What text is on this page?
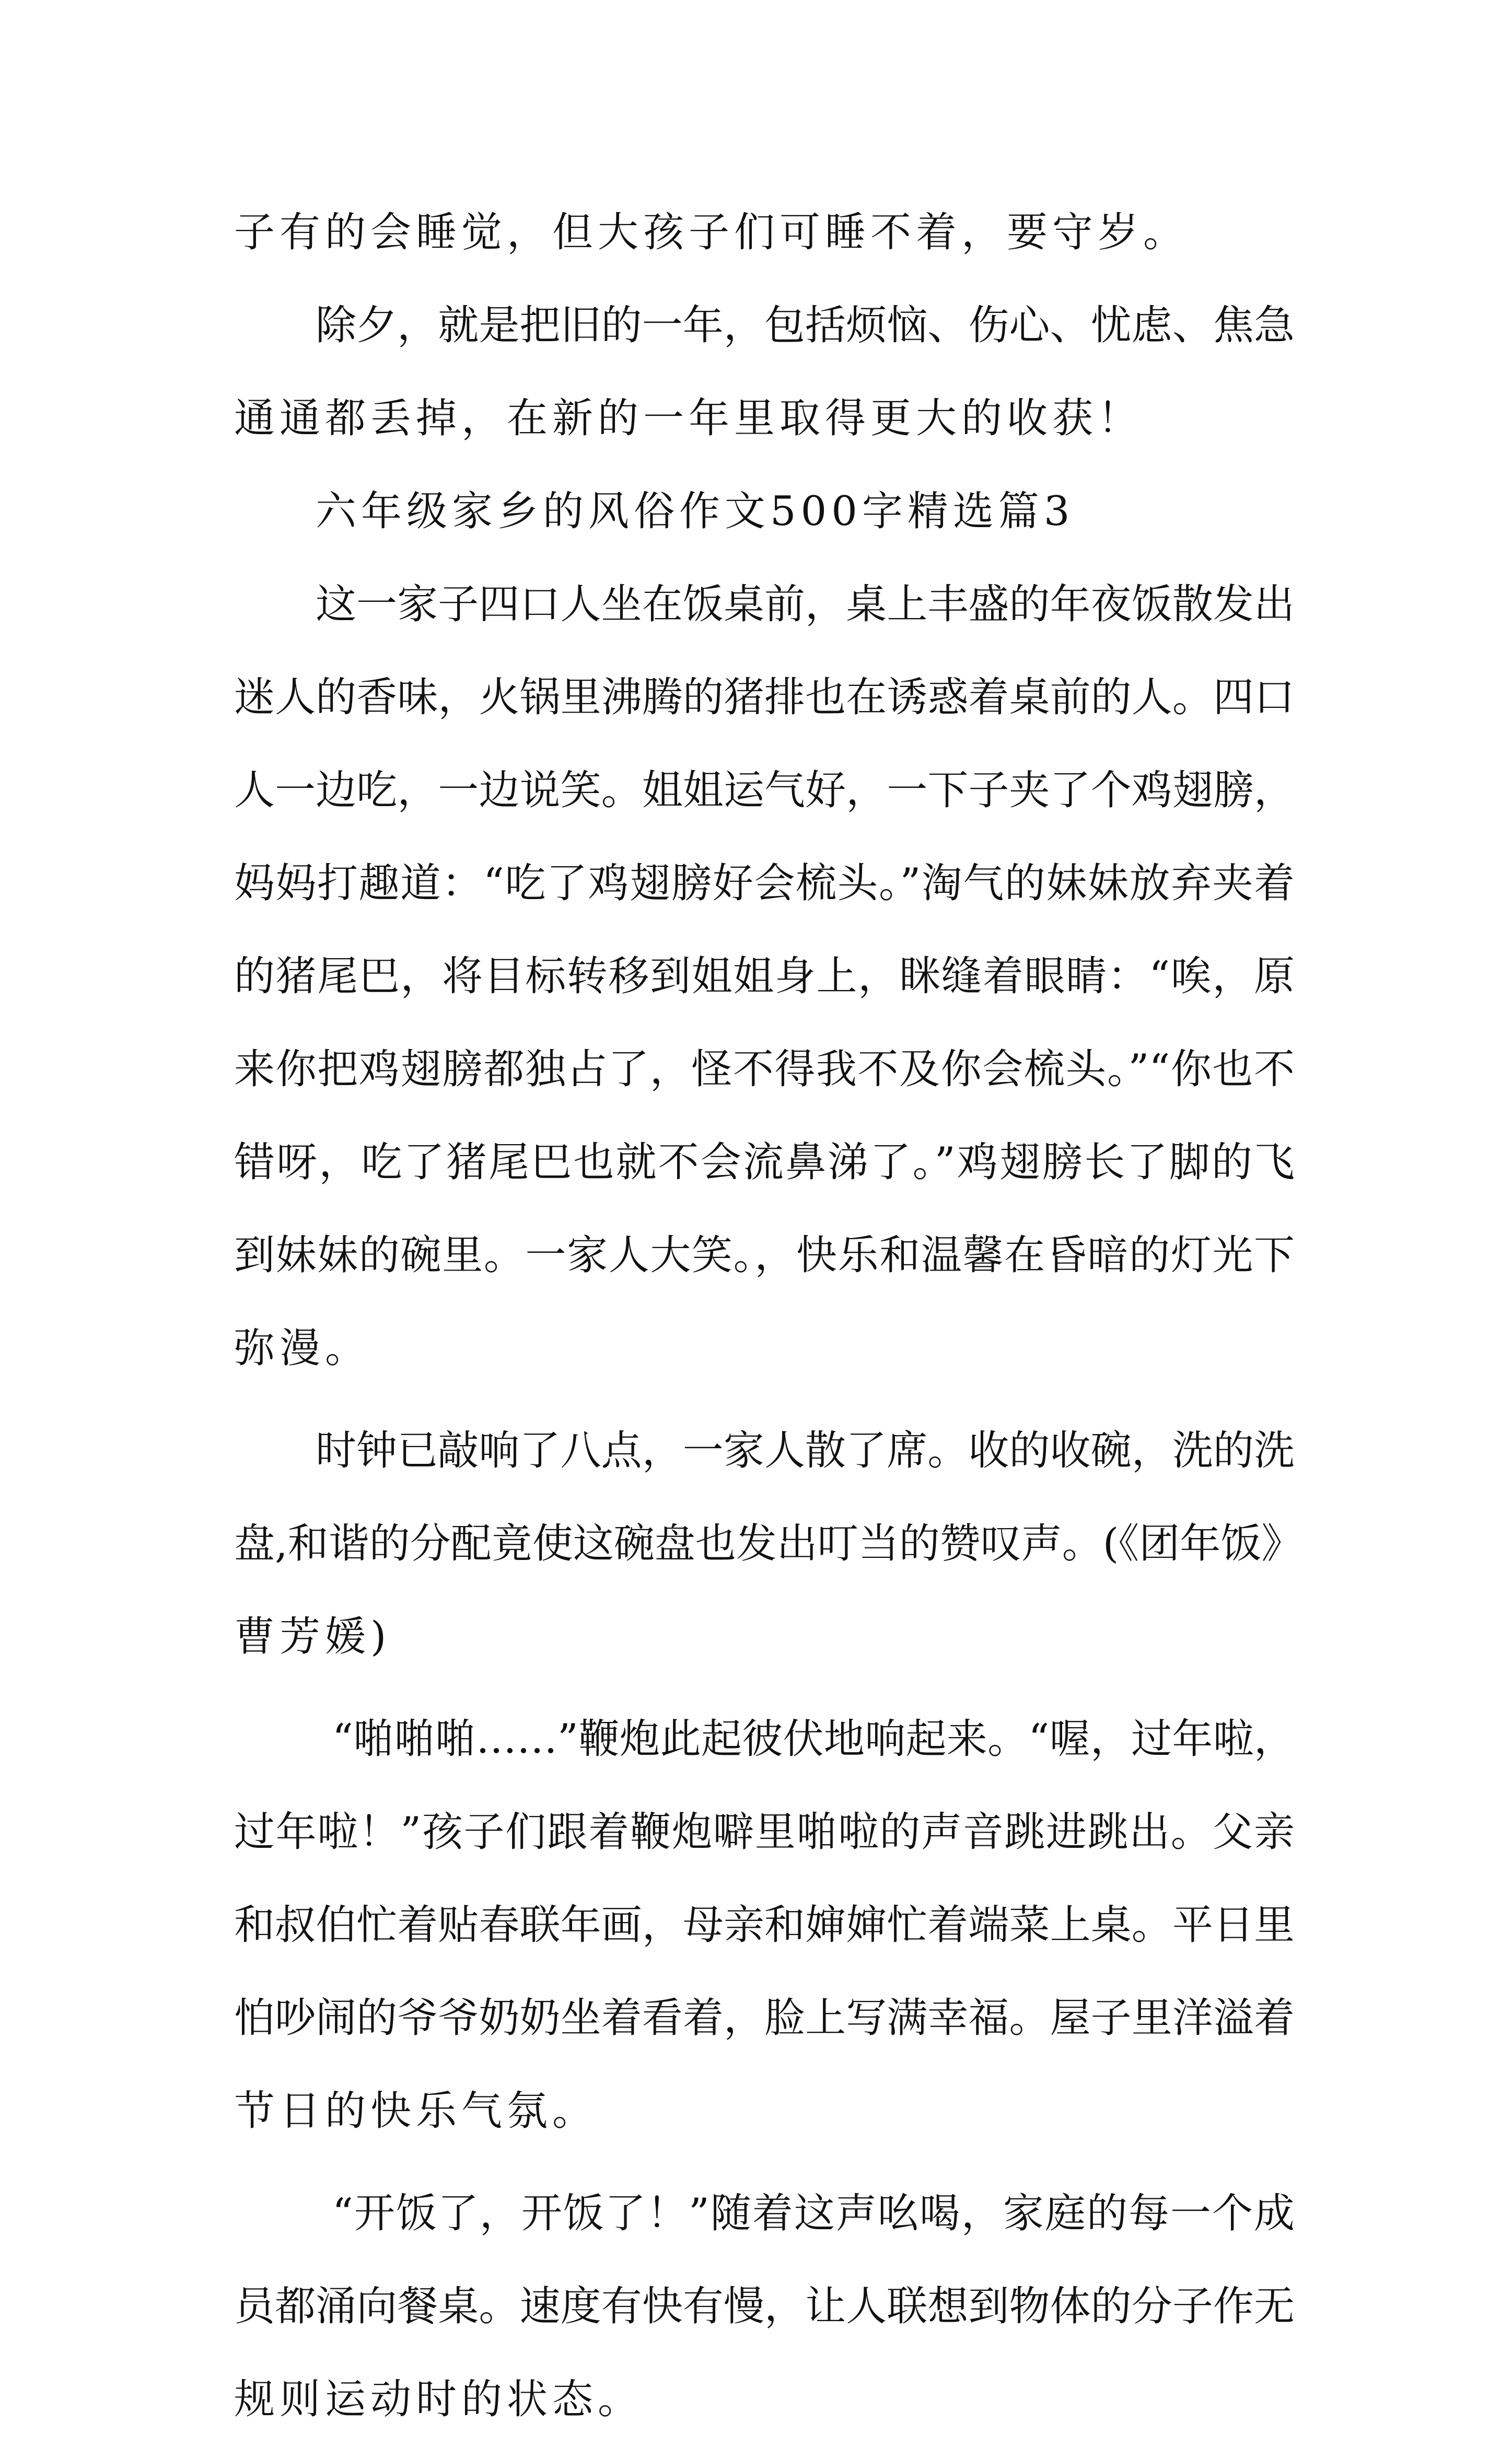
子有的会睡觉，但大孩子们可睡不着，要守岁。
除夕，就是把旧的一年，包括烦恼、伤心、忧虑、焦急
通通都丢掉，在新的一年里取得更大的收获！
六年级家乡的风俗作文500字精选篇3
这一家子四口人坐在饭桌前，桌上丰盛的年夜饭散发出
迷人的香味，火锅里沸腾的猪排也在诱惑着桌前的人。四口
人一边吃，一边说笑。姐姐运气好，一下子夹了个鸡翅膀，
妈妈打趣道：“吃了鸡翅膀好会梳头。”淘气的妹妹放弃夹着
的猪尾巴，将目标转移到姐姐身上，眯缝着眼睛：“唉，原
来你把鸡翅膀都独占了，怪不得我不及你会梳头。”“你也不
错呀，吃了猪尾巴也就不会流鼻涕了。”鸡翅膀长了脚的飞
到妹妹的碗里。一家人大笑。，快乐和温馨在昏暗的灯光下
弥漫。
时钟已敲响了八点，一家人散了席。收的收碗，洗的洗
盘,和谐的分配竟使这碗盘也发出叮当的赞叹声。(《团年饭》
曹芳媛)
“啪啪啪……”鞭炮此起彼伏地响起来。“喔，过年啦，
过年啦！”孩子们跟着鞭炮噼里啪啦的声音跳进跳出。父亲
和叔伯忙着贴春联年画，母亲和婶婶忙着端菜上桌。平日里
怕吵闹的爷爷奶奶坐着看着，脸上写满幸福。屋子里洋溢着
节日的快乐气氛。
“开饭了，开饭了！”随着这声吆喝，家庭的每一个成
员都涌向餐桌。速度有快有慢，让人联想到物体的分子作无
规则运动时的状态。
